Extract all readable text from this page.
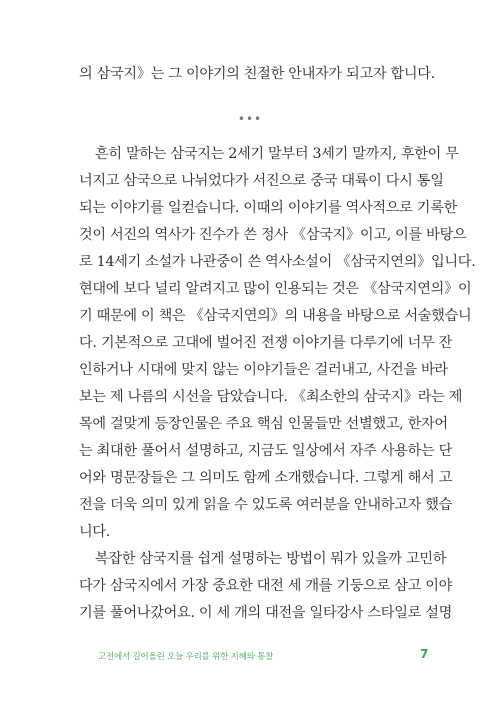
의 삼국지》는 그 이야기의 친절한 안내자가 되고자 합니다.
•••
흔히 말하는 삼국지는 2세기 말부터 3세기 말까지, 후한이 무
너지고 삼국으로 나뉘었다가 서진으로 중국 대륙이 다시 통일
되는 이야기를 일컫습니다. 이때의 이야기를 역사적으로 기록한
것이 서진의 역사가 진수가 쓴 정사 《삼국지》이고, 이를 바탕으
로 14세기 소설가 나관중이 쓴 역사소설이 《삼국지연의》입니다.
현대에 보다 널리 알려지고 많이 인용되는 것은 《삼국지연의》이
기 때문에 이 책은 《삼국지연의》의 내용을 바탕으로 서술했습니
다. 기본적으로 고대에 벌어진 전쟁 이야기를 다루기에 너무 잔
인하거나 시대에 맞지 않는 이야기들은 걸러내고, 사건을 바라
보는 제 나름의 시선을 담았습니다. 《최소한의 삼국지》라는 제
목에 걸맞게 등장인물은 주요 핵심 인물들만 선별했고, 한자어
는 최대한 풀어서 설명하고, 지금도 일상에서 자주 사용하는 단
어와 명문장들은 그 의미도 함께 소개했습니다. 그렇게 해서 고
전을 더욱 의미 있게 읽을 수 있도록 여러분을 안내하고자 했습
니다.
복잡한 삼국지를 쉽게 설명하는 방법이 뭐가 있을까 고민하
다가 삼국지에서 가장 중요한 대전 세 개를 기둥으로 삼고 이야
기를 풀어나갔어요. 이 세 개의 대전을 일타강사 스타일로 설명
고전에서 길어올린 오늘 우리를 위한 지혜와 통찰	7
